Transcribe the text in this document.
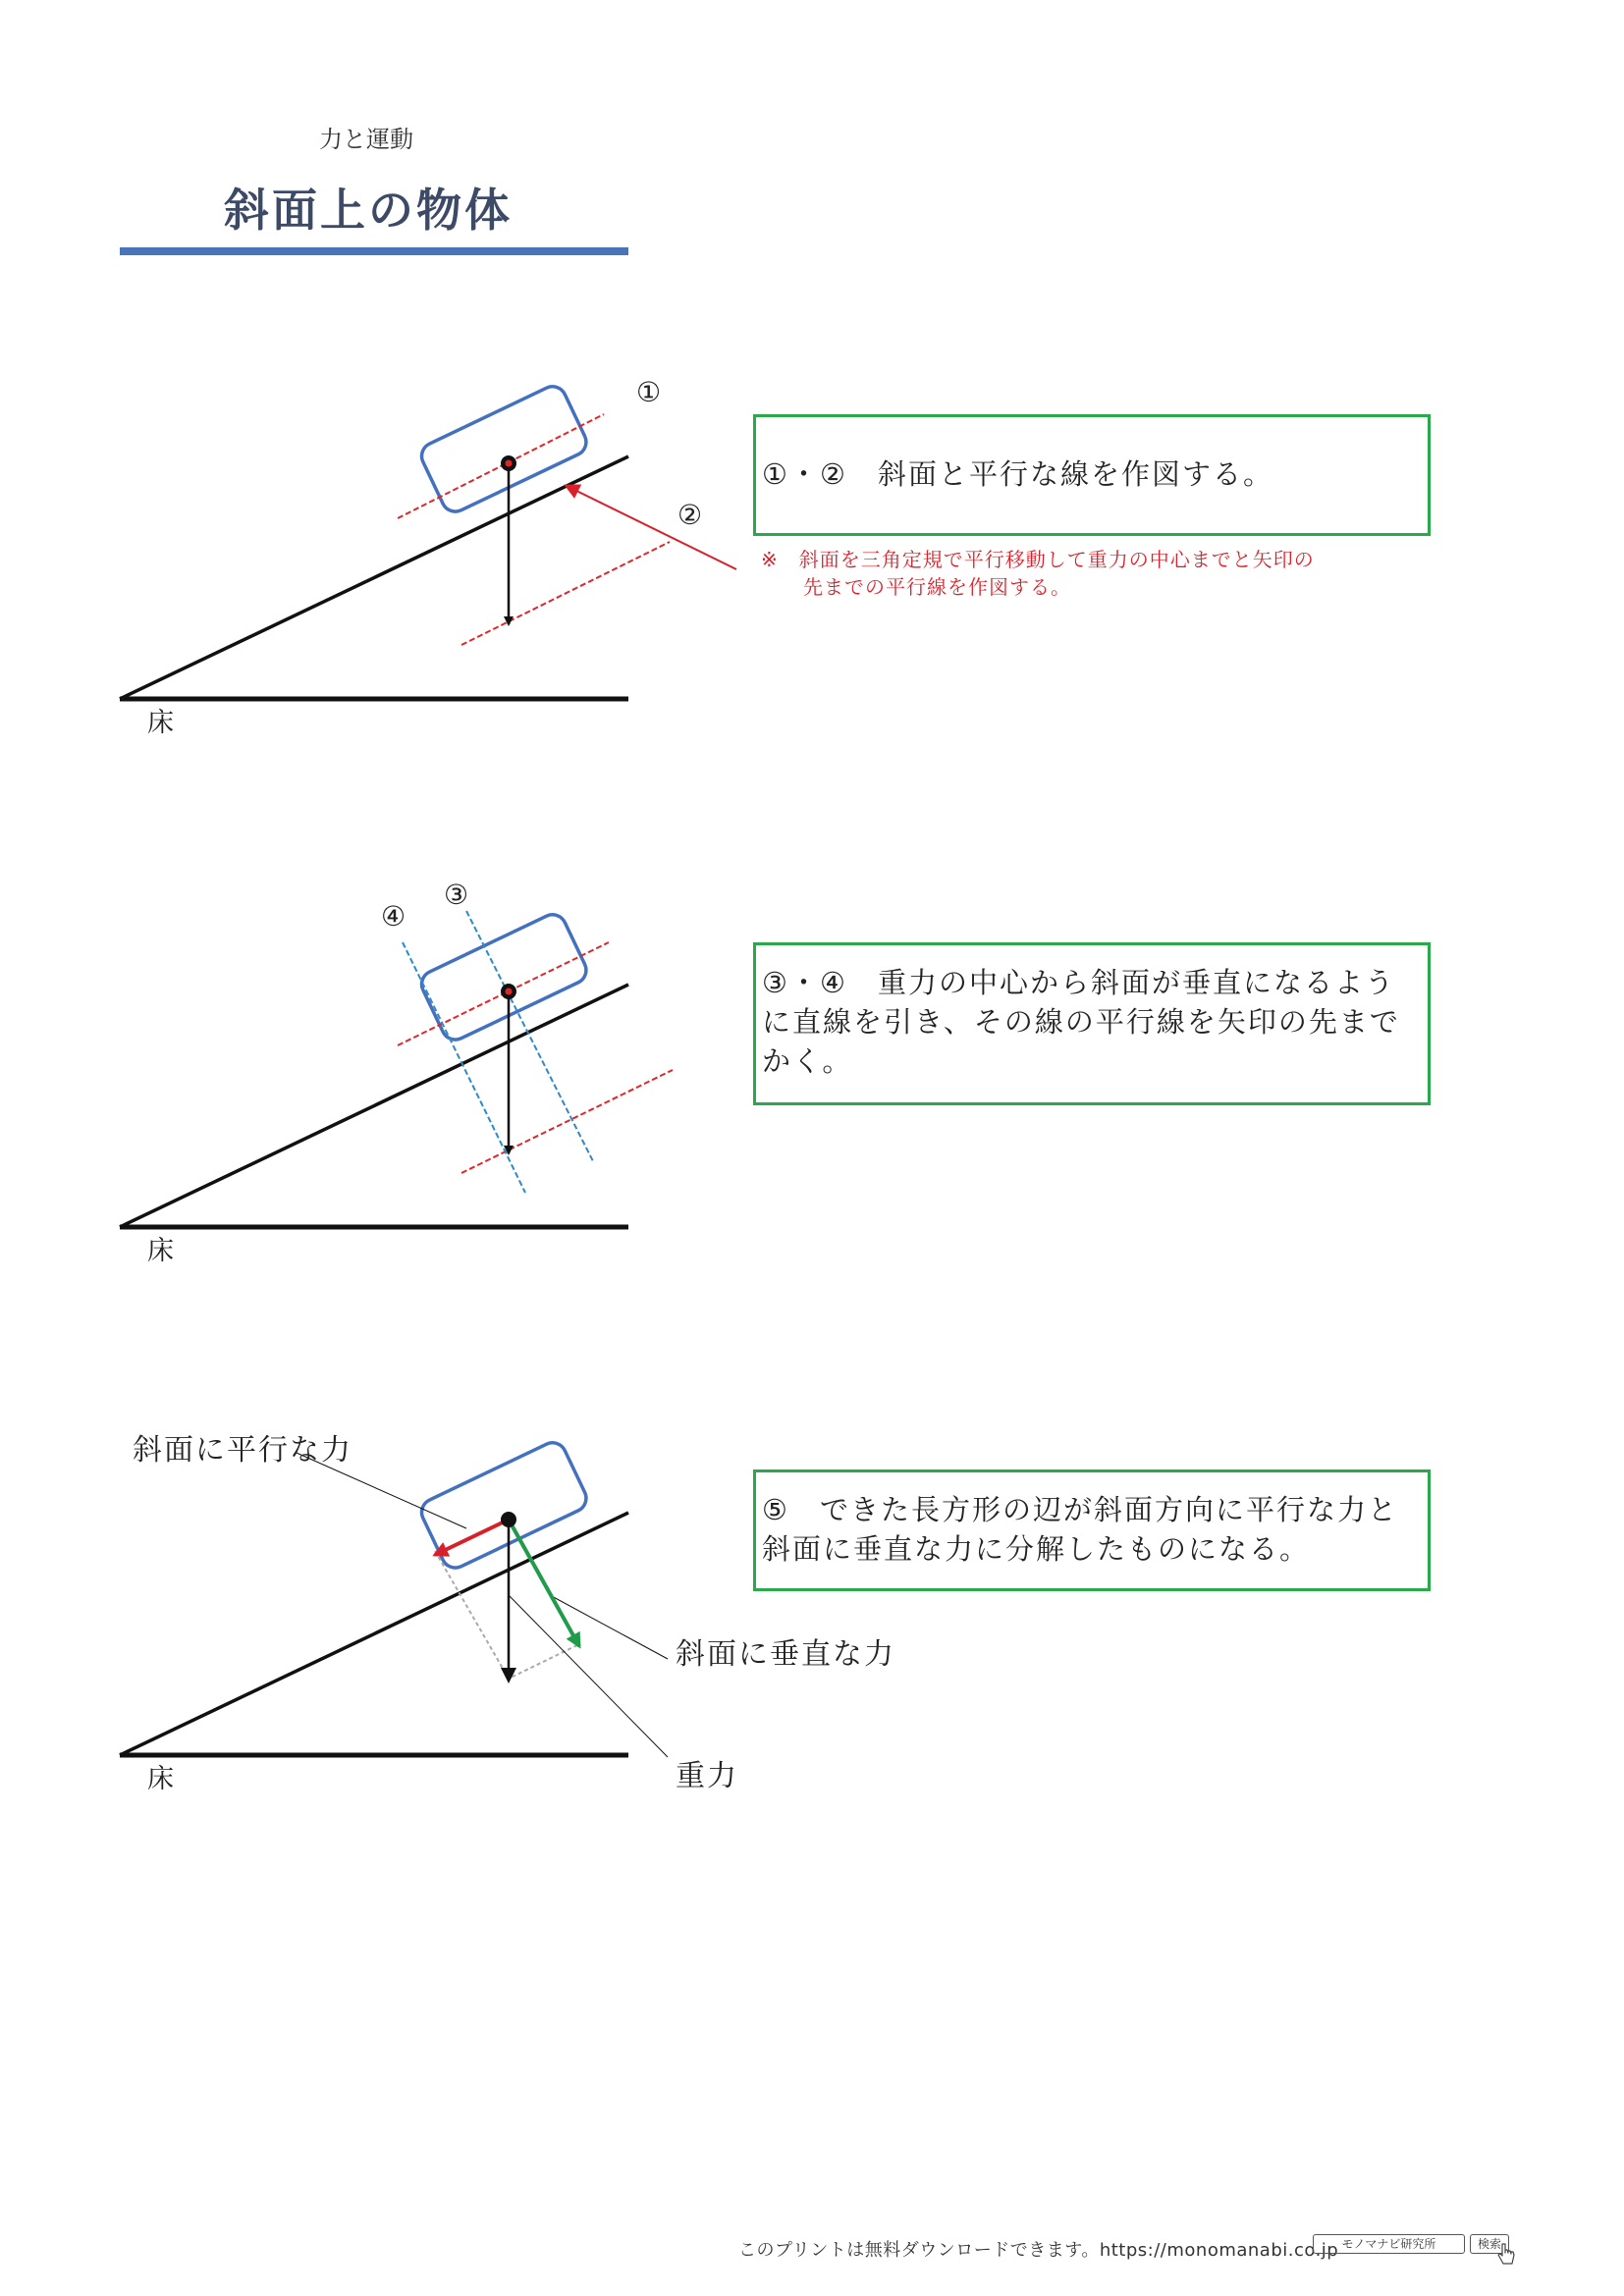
力と運動
斜面上の物体
①
②
床
①・②　斜面と平行な線を作図する。
※　斜面を三角定規で平行移動して重力の中心までと矢印の
先までの平行線を作図する。
③
④
床
③・④　重力の中心から斜面が垂直になるよう
に直線を引き、その線の平行線を矢印の先まで
かく。
斜面に平行な力
斜面に垂直な力
重力
床
⑤　できた長方形の辺が斜面方向に平行な力と
斜面に垂直な力に分解したものになる。
このプリントは無料ダウンロードできます。https://monomanabi.co.jp モノマナビ研究所	検索
